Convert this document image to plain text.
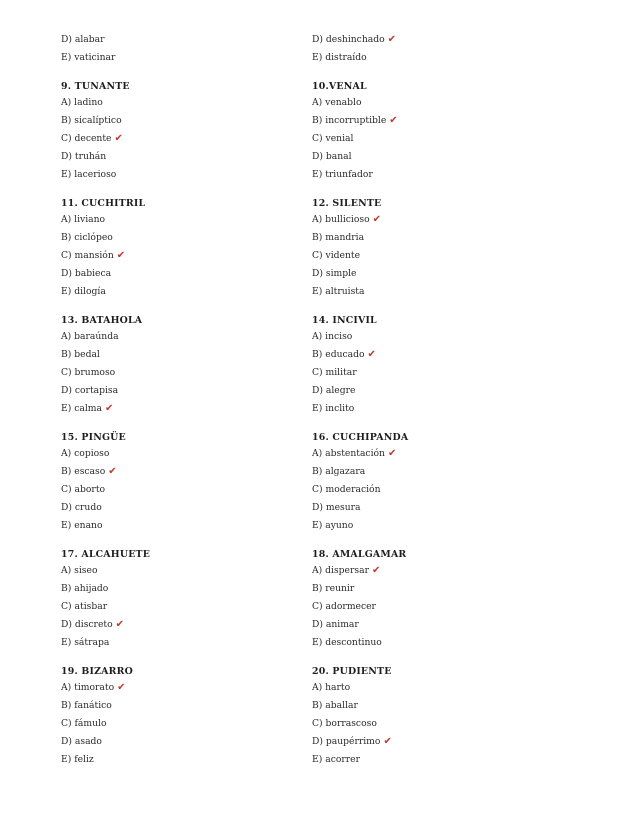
D) alabar
E) vaticinar
9. TUNANTE
A) ladino
B) sicalíptico
C) decente ✔
D) truhán
E) lacerioso
11. CUCHITRIL
A) liviano
B) ciclópeo
C) mansión ✔
D) babieca
E) dilogía
13. BATAHOLA
A) baraúnda
B) bedal
C) brumoso
D) cortapisa
E) calma ✔
15. PINGÜE
A) copioso
B) escaso ✔
C) aborto
D) crudo
E) enano
17. ALCAHUETE
A) siseo
B) ahijado
C) atisbar
D) discreto ✔
E) sátrapa
19. BIZARRO
A) timorato ✔
B) fanático
C) fámulo
D) asado
E) feliz
D) deshinchado ✔
E) distraído
10.VENAL
A) venablo
B) incorruptible ✔
C) venial
D) banal
E) triunfador
12. SILENTE
A) bullicioso ✔
B) mandria
C) vidente
D) simple
E) altruista
14. INCIVIL
A) inciso
B) educado ✔
C) militar
D) alegre
E) inclito
16. CUCHIPANDA
A) abstentación ✔
B) algazara
C) moderación
D) mesura
E) ayuno
18. AMALGAMAR
A) dispersar ✔
B) reunir
C) adormecer
D) animar
E) descontinuo
20. PUDIENTE
A) harto
B) aballar
C) borrascoso
D) paupérrimo ✔
E) acorrer
